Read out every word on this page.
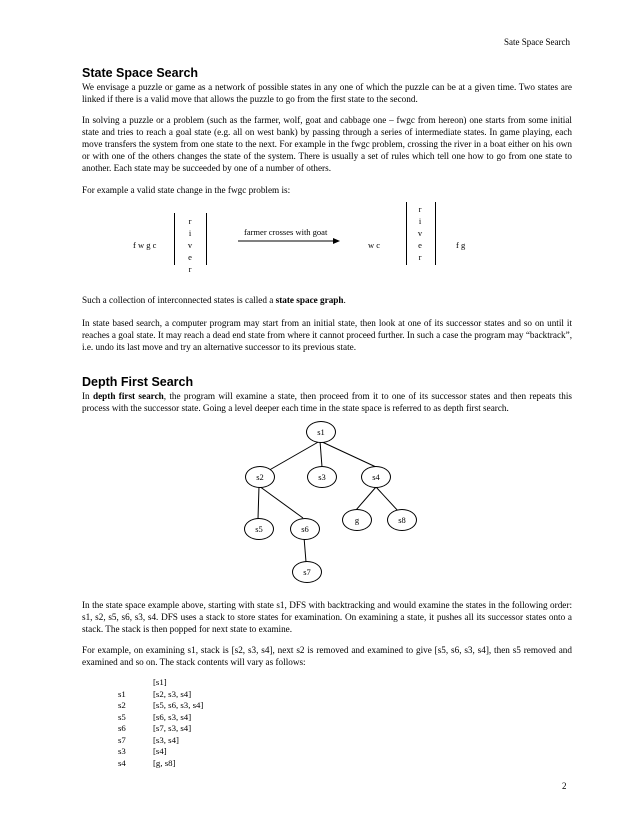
Sate Space Search
State Space Search
We envisage a puzzle or game as a network of possible states in any one of which the puzzle can be at a given time. Two states are linked if there is a valid move that allows the puzzle to go from the first state to the second.
In solving a puzzle or a problem (such as the farmer, wolf, goat and cabbage one – fwgc from hereon) one starts from some initial state and tries to reach a goal state (e.g. all on west bank) by passing through a series of intermediate states. In game playing, each move transfers the system from one state to the next. For example in the fwgc problem, crossing the river in a boat either on his own or with one of the others changes the state of the system. There is usually a set of rules which tell one how to go from one state to another. Each state may be succeeded by one of a number of others.
For example a valid state change in the fwgc problem is:
f w g c
r
i
v
e
r
farmer crosses with goat
w c
r
i
v
e
r
f g
Such a collection of interconnected states is called a state space graph.
In state based search, a computer program may start from an initial state, then look at one of its successor states and so on until it reaches a goal state. It may reach a dead end state from where it cannot proceed further. In such a case the program may “backtrack”, i.e. undo its last move and try an alternative successor to its previous state.
Depth First Search
In depth first search, the program will examine a state, then proceed from it to one of its successor states and then repeats this process with the successor state. Going a level deeper each time in the state space is referred to as depth first search.
s1
s2	s3	s4
s5	s6
g	s8
s7
In the state space example above, starting with state s1, DFS with backtracking and would examine the states in the following order: s1, s2, s5, s6, s3, s4. DFS uses a stack to store states for examination. On examining a state, it pushes all its successor states onto a stack. The stack is then popped for next state to examine.
For example, on examining s1, stack is [s2, s3, s4], next s2 is removed and examined to give [s5, s6, s3, s4], then s5 removed and examined and so on. The stack contents will vary as follows:
[s1]
s1	[s2, s3, s4]
s2	[s5, s6, s3, s4]
s5	[s6, s3, s4]
s6	[s7, s3, s4]
s7	[s3, s4]
s3	[s4]
s4	[g, s8]
2
